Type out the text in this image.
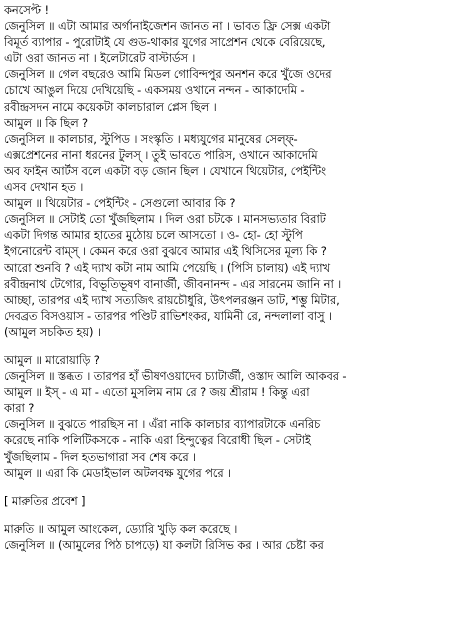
কনসেপ্ট !
জেনুসিল ॥ এটা আমার অর্গানাইজেশন জানত না । ভাবত ফ্রি সেক্স একটা
বিমূর্ত ব্যাপার - পুরোটাই যে গুড-থাকার যুগের সাপ্রেশন থেকে বেরিয়েছে,
এটা ওরা জানত না । ইলেটারেট বাস্টার্ডস ।
জেনুসিল ॥ গেল বছরেও আমি মিডল গোবিন্দপুর অনশন করে খুঁজে ওদের
চোখে আঙুল দিয়ে দেখিয়েছি - একসময় ওখানে নন্দন - আকাদেমি -
রবীন্দ্রসদন নামে কয়েকটা কালচারাল প্লেস ছিল ।
আমুল ॥ কি ছিল ?
জেনুসিল ॥ কালচার, স্টুপিড । সংস্কৃতি । মধ্যযুগের মানুষের সেল্ফ্-
এক্সপ্রেশনের নানা ধরনের টুলস্ । তুই ভাবতে পারিস, ওখানে আকাদেমি
অব ফাইন আর্টস বলে একটা বড় জোন ছিল । যেখানে থিয়েটার, পেইন্টিং
এসব দেখান হত ।
আমুল ॥ থিয়েটার - পেইন্টিং - সেগুলো আবার কি ?
জেনুসিল ॥ সেটাই তো খুঁজছিলাম । দিল ওরা চটকে । মানসভ্যতার বিরাট
একটা দিগন্ত আমার হাতের মুঠোয় চলে আসতো । ও- হো- হো স্টুপি
ইগনোরেন্ট বাম্স্ । কেমন করে ওরা বুঝবে আমার এই থিসিসের মূল্য কি ?
আরো শুনবি ? এই দ্যাখ কটা নাম আমি পেয়েছি । (পিসি চালায়) এই দ্যাখ
রবীন্দ্রনাথ টেগোর, বিভূতিভূষণ বানার্জী, জীবনানন্দ - এর সারনেম জানি না ।
আচ্ছা, তারপর এই দ্যাখ সত্যজিৎ রায়চৌধুরি, উৎপলরঞ্জন ডাট, শম্ভু মিটার,
দেবব্রত বিসওয়াস - তারপর পণ্ডিট রাভিশংকর, যামিনী রে, নন্দলালা বাসু ।
(আমুল সচকিত হয়) ।
আমুল ॥ মারোয়াড়ি ?
জেনুসিল ॥ স্তব্ধত । তারপর হাঁ ভীষণওয়াদেব চ্যাটার্জী, ওস্তাদ আলি আকবর -
আমুল ॥ ইস্ - এ মা - এতো মুসলিম নাম রে ? জয় শ্রীরাম ! কিন্তু এরা
কারা ?
জেনুসিল ॥ বুঝতে পারছিস না । এঁরা নাকি কালচার ব্যাপারটাকে এনরিচ
করেছে নাকি পলিটিকসকে - নাকি এরা হিন্দুত্বের বিরোধী ছিল - সেটাই
খুঁজছিলাম - দিল হতভাগারা সব শেষ করে ।
আমুল ॥ এরা কি মেডাইভাল অটলবক্ষ যুগের পরে ।
[ মারুতির প্রবেশ ]
মারুতি ॥ আমুল আংকেল, ড্যোরি খুড়ি কল করেছে ।
জেনুসিল ॥ (আমুলের পিঠ চাপড়ে) যা কলটা রিসিভ কর । আর চেষ্টা কর
